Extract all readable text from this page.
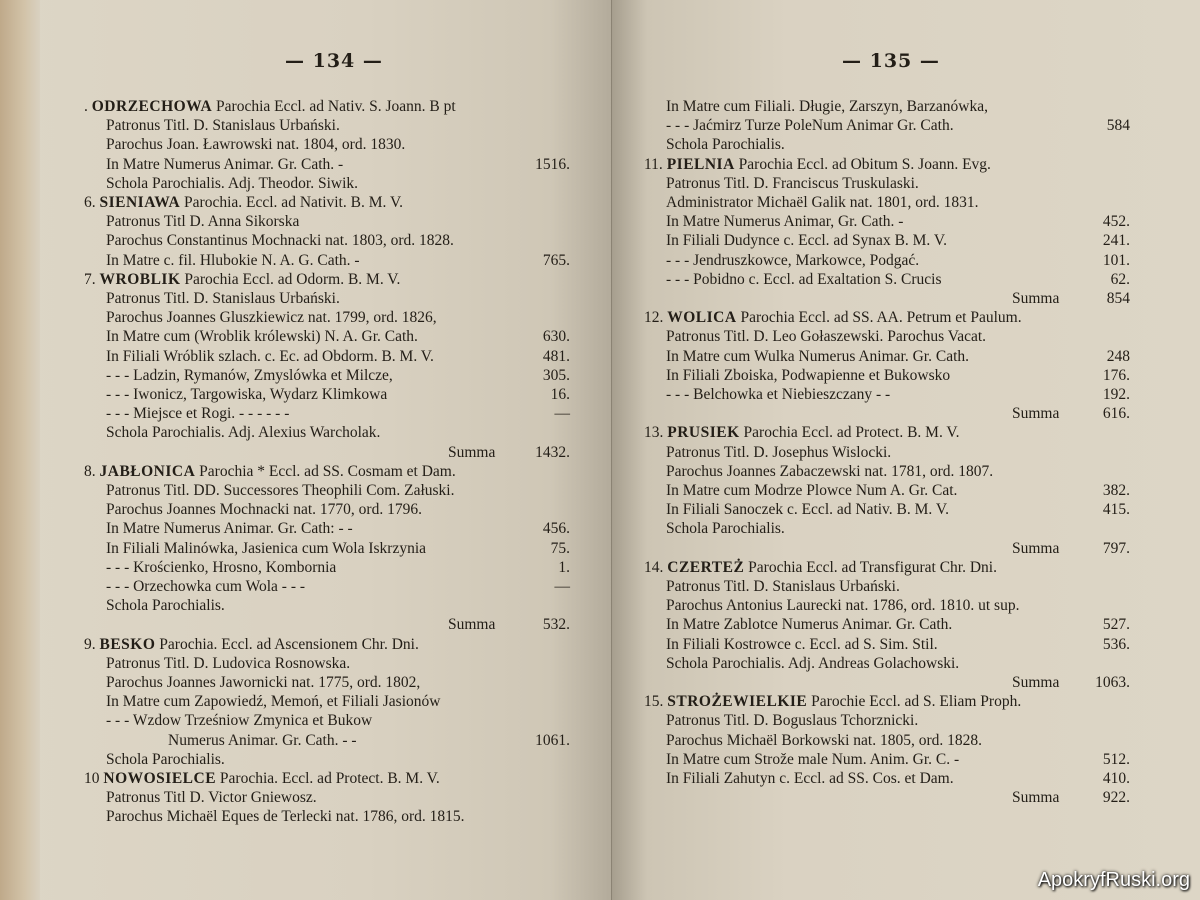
— 134 —
. ODRZECHOWA Parochia Eccl. ad Nativ. S. Joann. B pt
Patronus Titl. D. Stanislaus Urbański.
Parochus Joan. Ławrowski nat. 1804, ord. 1830.
In Matre Numerus Animar. Gr. Cath. -	1516.
Schola Parochialis. Adj. Theodor. Siwik.
6. SIENIAWA Parochia. Eccl. ad Nativit. B. M. V.
Patronus Titl D. Anna Sikorska
Parochus Constantinus Mochnacki nat. 1803, ord. 1828.
In Matre c. fil. Hlubokie N. A. G. Cath. -	765.
7. WROBLIK Parochia Eccl. ad Odorm. B. M. V.
Patronus Titl. D. Stanislaus Urbański.
Parochus Joannes Gluszkiewicz nat. 1799, ord. 1826,
In Matre cum (Wroblik królewski) N. A. Gr. Cath.	630.
In Filiali Wróblik szlach. c. Ec. ad Obdorm. B. M. V.	481.
- - - Ladzin, Rymanów, Zmyslówka et Milcze,	305.
- - - Iwonicz, Targowiska, Wydarz Klimkowa	16.
- - - Miejsce et Rogi. - - - - - -	—
Schola Parochialis. Adj. Alexius Warcholak.
Summa	1432.
8. JABŁONICA Parochia * Eccl. ad SS. Cosmam et Dam.
Patronus Titl. DD. Successores Theophili Com. Załuski.
Parochus Joannes Mochnacki nat. 1770, ord. 1796.
In Matre Numerus Animar. Gr. Cath: - -	456.
In Filiali Malinówka, Jasienica cum Wola Iskrzynia	75.
- - - Krościenko, Hrosno, Kombornia	1.
- - - Orzechowka cum Wola - - -	—
Schola Parochialis.
Summa	532.
9. BESKO Parochia. Eccl. ad Ascensionem Chr. Dni.
Patronus Titl. D. Ludovica Rosnowska.
Parochus Joannes Jawornicki nat. 1775, ord. 1802,
In Matre cum Zapowiedź, Memoń, et Filiali Jasionów
- - - Wzdow Trześniow Zmynica et Bukow
Numerus Animar. Gr. Cath. - -	1061.
Schola Parochialis.
10 NOWOSIELCE Parochia. Eccl. ad Protect. B. M. V.
Patronus Titl D. Victor Gniewosz.
Parochus Michaël Eques de Terlecki nat. 1786, ord. 1815.
— 135 —
In Matre cum Filiali. Długie, Zarszyn, Barzanówka,
- - - Jaćmirz Turze PoleNum Animar Gr. Cath.	584
Schola Parochialis.
11. PIELNIA Parochia Eccl. ad Obitum S. Joann. Evg.
Patronus Titl. D. Franciscus Truskulaski.
Administrator Michaël Galik nat. 1801, ord. 1831.
In Matre Numerus Animar, Gr. Cath. -	452.
In Filiali Dudynce c. Eccl. ad Synax B. M. V.	241.
- - - Jendruszkowce, Markowce, Podgać.	101.
- - - Pobidno c. Eccl. ad Exaltation S. Crucis	62.
Summa	854
12. WOLICA Parochia Eccl. ad SS. AA. Petrum et Paulum.
Patronus Titl. D. Leo Gołaszewski. Parochus Vacat.
In Matre cum Wulka Numerus Animar. Gr. Cath.	248
In Filiali Zboiska, Podwapienne et Bukowsko	176.
- - - Belchowka et Niebieszczany - -	192.
Summa	616.
13. PRUSIEK Parochia Eccl. ad Protect. B. M. V.
Patronus Titl. D. Josephus Wislocki.
Parochus Joannes Zabaczewski nat. 1781, ord. 1807.
In Matre cum Modrze Plowce Num A. Gr. Cat.	382.
In Filiali Sanoczek c. Eccl. ad Nativ. B. M. V.	415.
Schola Parochialis.
Summa	797.
14. CZERTEŻ Parochia Eccl. ad Transfigurat Chr. Dni.
Patronus Titl. D. Stanislaus Urbański.
Parochus Antonius Laurecki nat. 1786, ord. 1810. ut sup.
In Matre Zablotce Numerus Animar. Gr. Cath.	527.
In Filiali Kostrowce c. Eccl. ad S. Sim. Stil.	536.
Schola Parochialis. Adj. Andreas Golachowski.
Summa	1063.
15. STROŻEWIELKIE Parochie Eccl. ad S. Eliam Proph.
Patronus Titl. D. Boguslaus Tchorznicki.
Parochus Michaël Borkowski nat. 1805, ord. 1828.
In Matre cum Strože male Num. Anim. Gr. C. -	512.
In Filiali Zahutyn c. Eccl. ad SS. Cos. et Dam.	410.
Summa	922.
ApokryfRuski.org
